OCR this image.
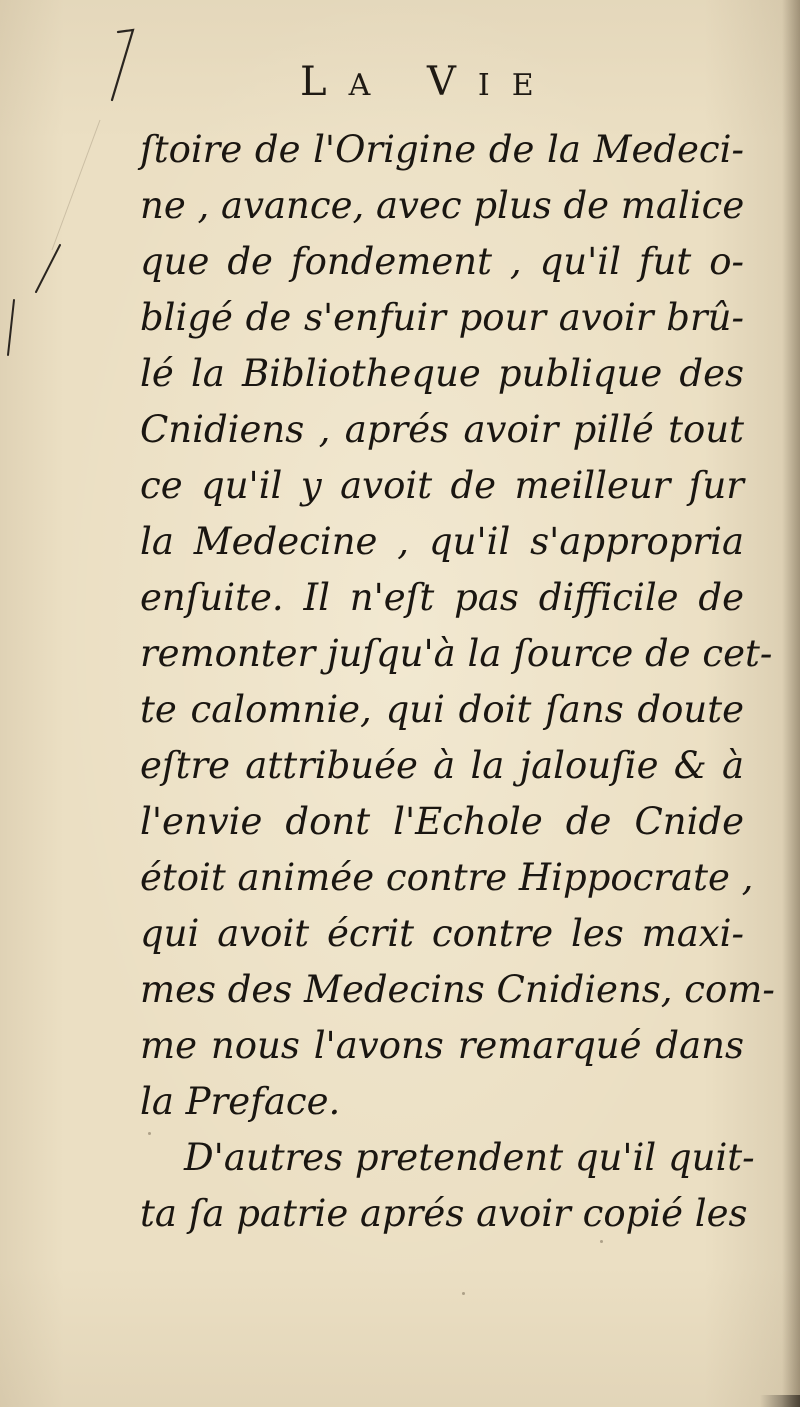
LA VIE
ſtoire de l'Origine de la Medeci-
ne , avance, avec plus de malice
que de fondement , qu'il fut o-
bligé de s'enfuir pour avoir brû-
lé la Bibliotheque publique des
Cnidiens , aprés avoir pillé tout
ce qu'il y avoit de meilleur ſur
la Medecine , qu'il s'appropria
enſuite. Il n'eſt pas difficile de
remonter juſqu'à la ſource de cet-
te calomnie, qui doit ſans doute
eſtre attribuée à la jalouſie & à
l'envie dont l'Echole de Cnide
étoit animée contre Hippocrate ,
qui avoit écrit contre les maxi-
mes des Medecins Cnidiens, com-
me nous l'avons remarqué dans
la Preface.
D'autres pretendent qu'il quit-
ta ſa patrie aprés avoir copié les
